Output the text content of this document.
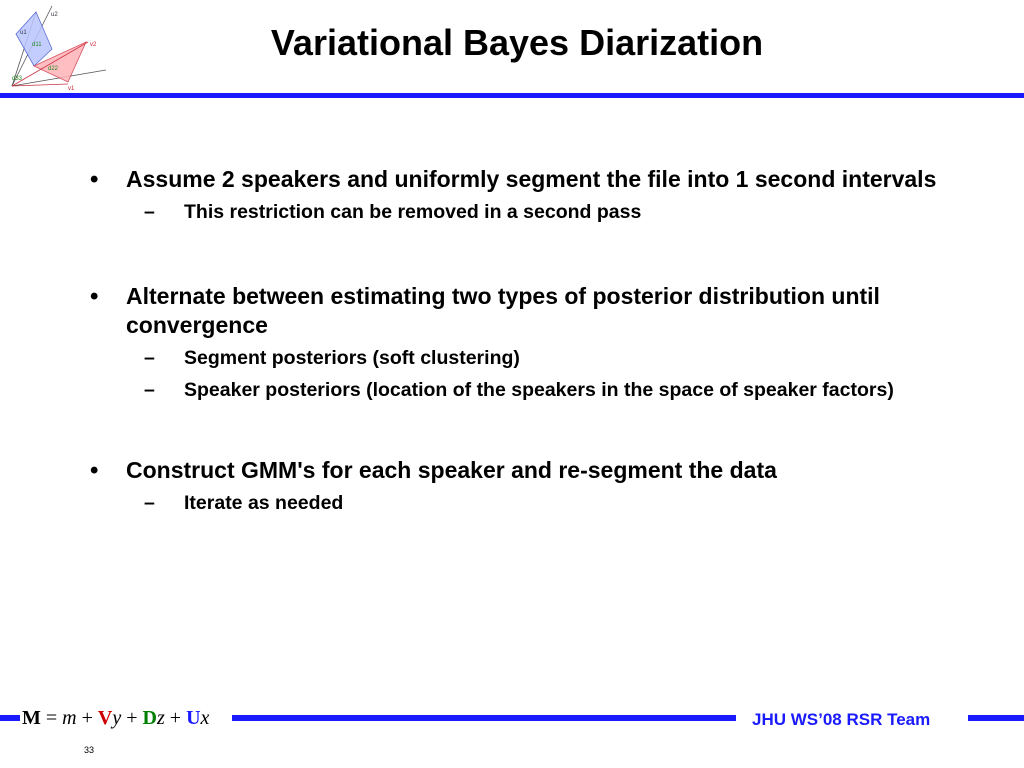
u2
u1
v2
v1
d11
d22
d33
Variational Bayes Diarization
• Assume 2 speakers and uniformly segment the file into 1 second intervals
– This restriction can be removed in a second pass
• Alternate between estimating two types of posterior distribution until convergence
– Segment posteriors (soft clustering)
– Speaker posteriors (location of the speakers in the space of speaker factors)
• Construct GMM's for each speaker and re-segment the data
– Iterate as needed
M = m + Vy + Dz + Ux	JHU WS’08 RSR Team
33
